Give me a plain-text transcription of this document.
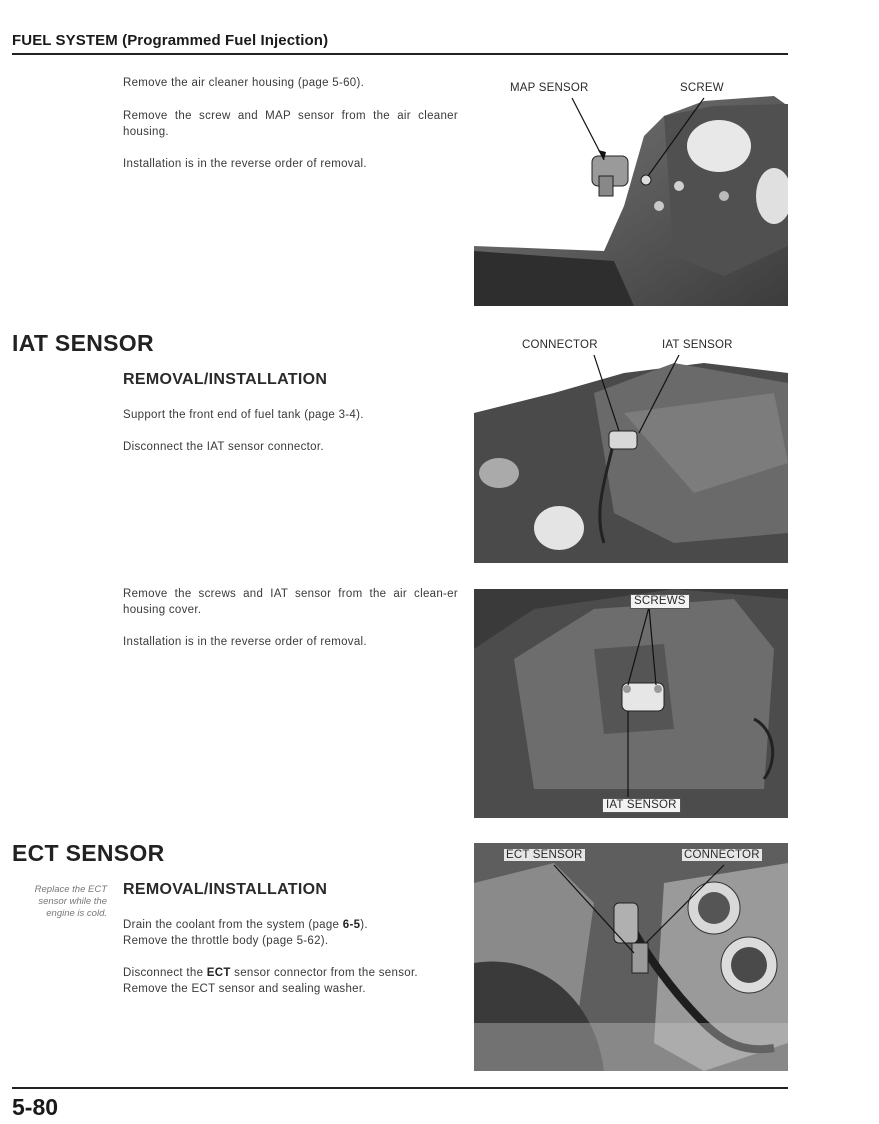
FUEL SYSTEM (Programmed Fuel Injection)

Remove the air cleaner housing (page 5-60).

Remove the screw and MAP sensor from the air cleaner housing.

Installation is in the reverse order of removal.

MAP SENSOR	SCREW
IAT SENSOR
REMOVAL/INSTALLATION

Support the front end of fuel tank (page 3-4).

Disconnect the IAT sensor connector.

CONNECTOR	IAT SENSOR

Remove the screws and IAT sensor from the air clean-er housing cover.

Installation is in the reverse order of removal.

SCREWS
IAT SENSOR
ECT SENSOR
REMOVAL/INSTALLATION
Replace the ECT sensor while the engine is cold.

Drain the coolant from the system (page 6-5).
Remove the throttle body (page 5-62).

Disconnect the ECT sensor connector from the sensor.
Remove the ECT sensor and sealing washer.

ECT SENSOR	CONNECTOR
5-80
